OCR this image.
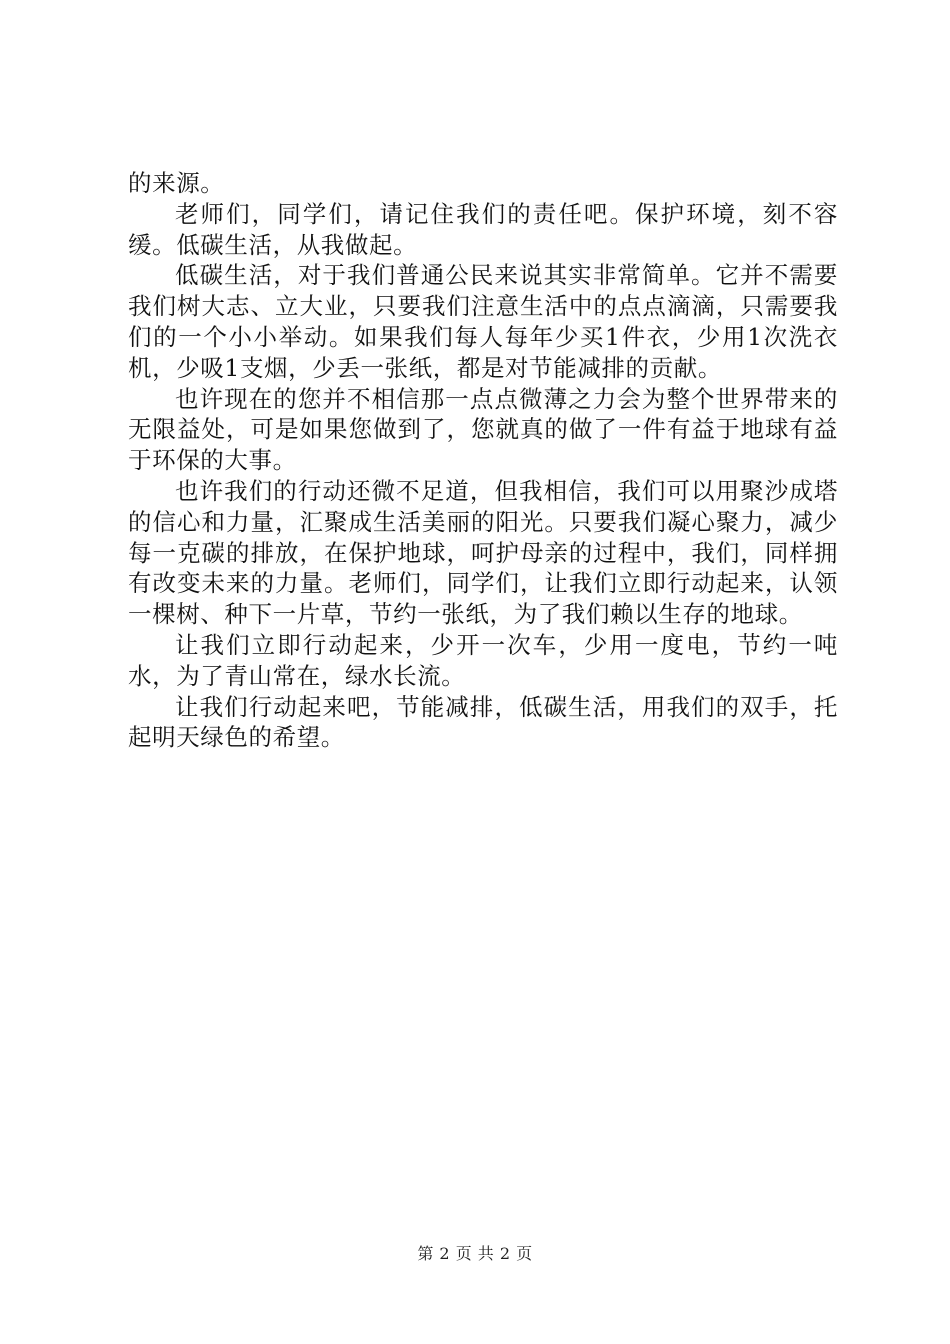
的来源。

老师们，同学们，请记住我们的责任吧。保护环境，刻不容缓。低碳生活，从我做起。

低碳生活，对于我们普通公民来说其实非常简单。它并不需要我们树大志、立大业，只要我们注意生活中的点点滴滴，只需要我们的一个小小举动。如果我们每人每年少买1件衣，少用1次洗衣机，少吸1支烟，少丢一张纸，都是对节能减排的贡献。

也许现在的您并不相信那一点点微薄之力会为整个世界带来的无限益处，可是如果您做到了，您就真的做了一件有益于地球有益于环保的大事。

也许我们的行动还微不足道，但我相信，我们可以用聚沙成塔的信心和力量，汇聚成生活美丽的阳光。只要我们凝心聚力，减少每一克碳的排放，在保护地球，呵护母亲的过程中，我们，同样拥有改变未来的力量。老师们，同学们，让我们立即行动起来，认领一棵树、种下一片草，节约一张纸，为了我们赖以生存的地球。

让我们立即行动起来，少开一次车，少用一度电，节约一吨水，为了青山常在，绿水长流。

让我们行动起来吧，节能减排，低碳生活，用我们的双手，托起明天绿色的希望。

第 2 页 共 2 页
